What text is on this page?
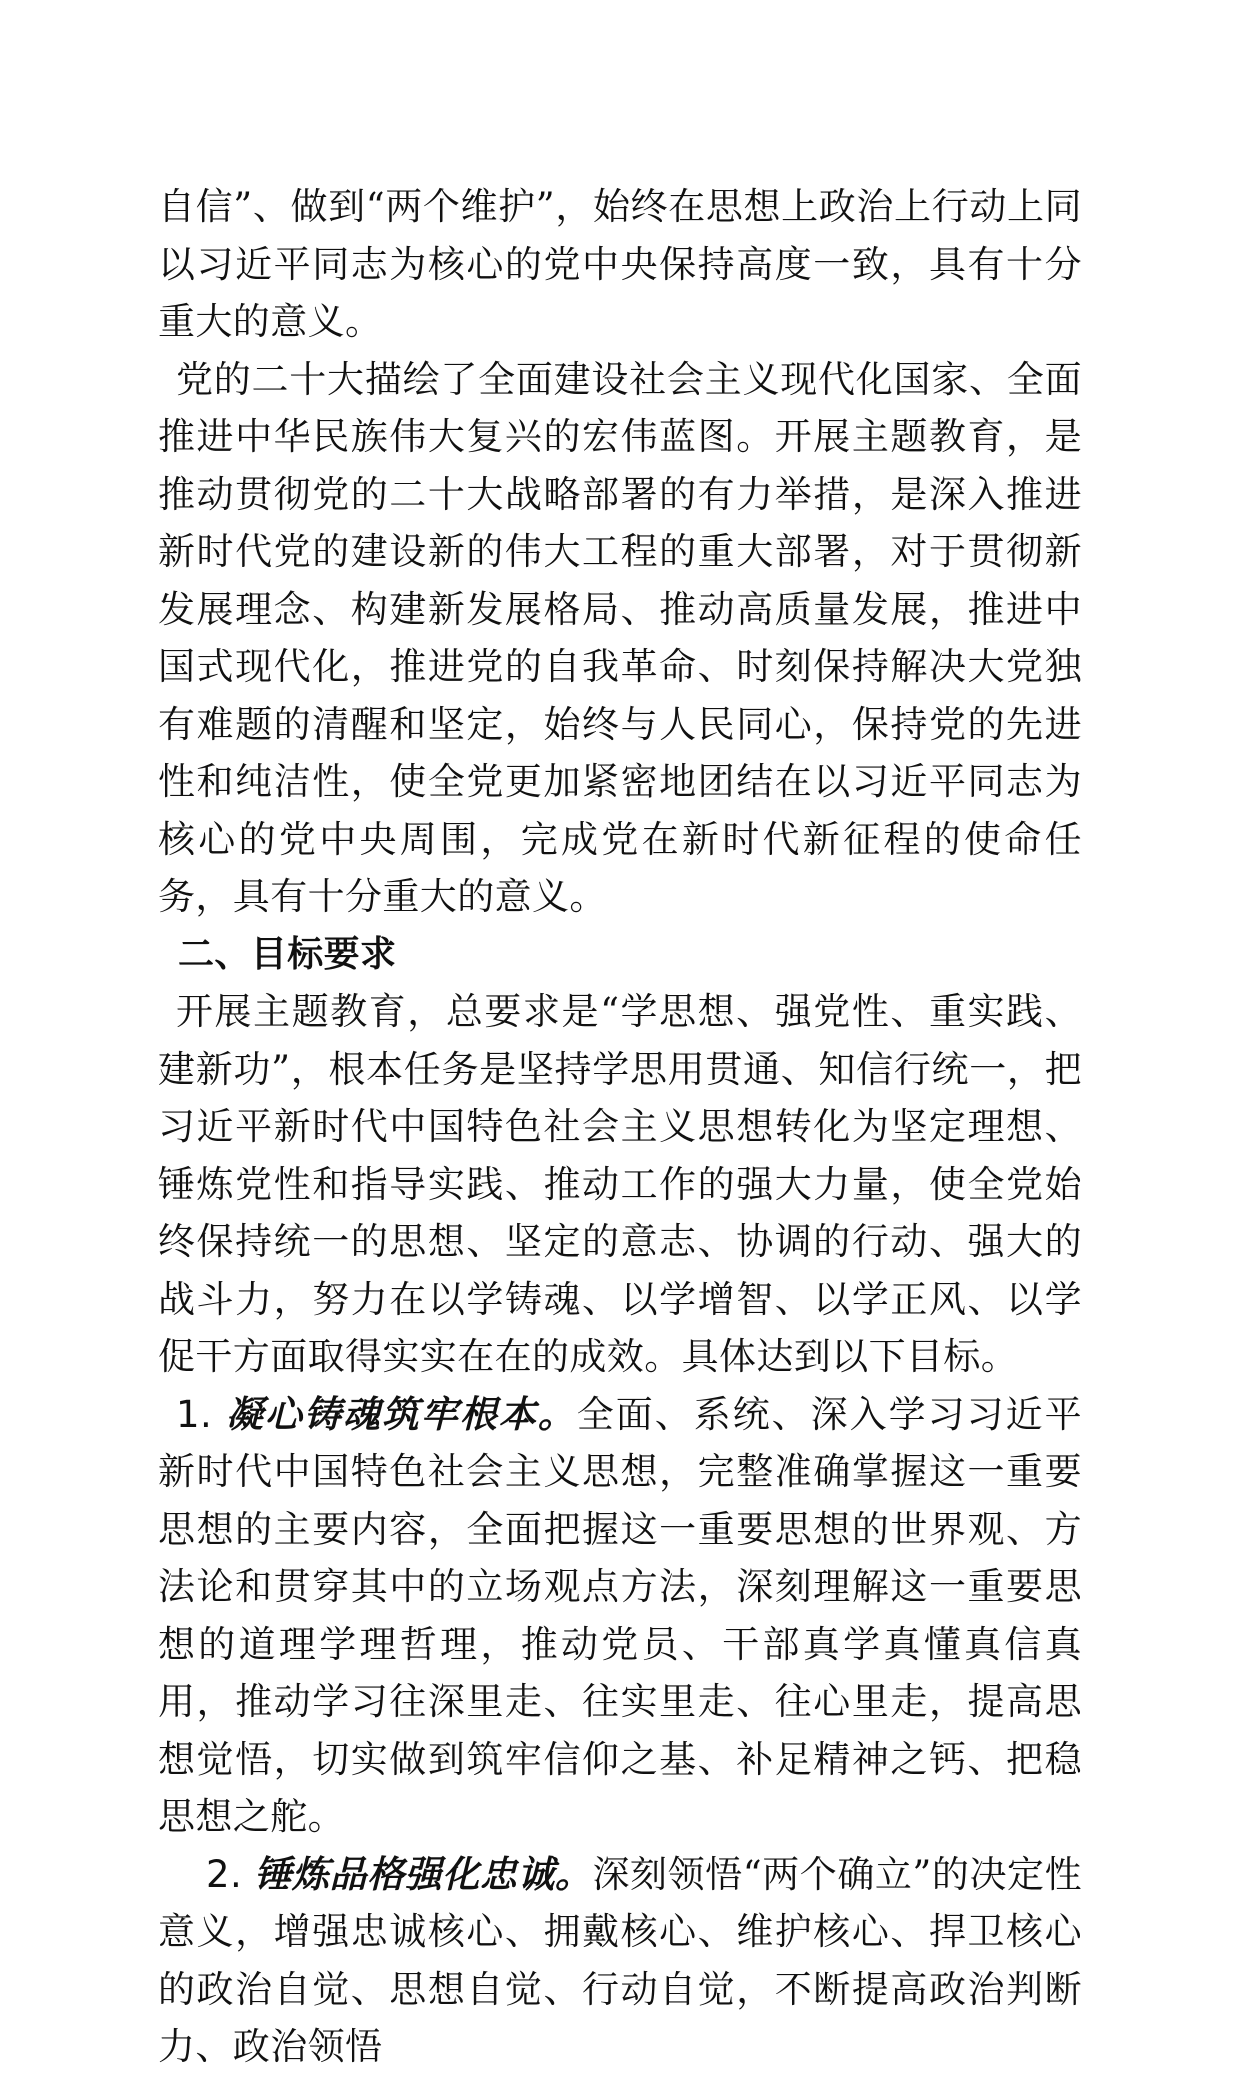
自信”、做到“两个维护”，始终在思想上政治上行动上同以习近平同志为核心的党中央保持高度一致，具有十分重大的意义。

党的二十大描绘了全面建设社会主义现代化国家、全面推进中华民族伟大复兴的宏伟蓝图。开展主题教育，是推动贯彻党的二十大战略部署的有力举措，是深入推进新时代党的建设新的伟大工程的重大部署，对于贯彻新发展理念、构建新发展格局、推动高质量发展，推进中国式现代化，推进党的自我革命、时刻保持解决大党独有难题的清醒和坚定，始终与人民同心，保持党的先进性和纯洁性，使全党更加紧密地团结在以习近平同志为核心的党中央周围，完成党在新时代新征程的使命任务，具有十分重大的意义。

二、目标要求

开展主题教育，总要求是“学思想、强党性、重实践、建新功”，根本任务是坚持学思用贯通、知信行统一，把习近平新时代中国特色社会主义思想转化为坚定理想、锤炼党性和指导实践、推动工作的强大力量，使全党始终保持统一的思想、坚定的意志、协调的行动、强大的战斗力，努力在以学铸魂、以学增智、以学正风、以学促干方面取得实实在在的成效。具体达到以下目标。

1. 凝心铸魂筑牢根本。全面、系统、深入学习习近平新时代中国特色社会主义思想，完整准确掌握这一重要思想的主要内容，全面把握这一重要思想的世界观、方法论和贯穿其中的立场观点方法，深刻理解这一重要思想的道理学理哲理，推动党员、干部真学真懂真信真用，推动学习往深里走、往实里走、往心里走，提高思想觉悟，切实做到筑牢信仰之基、补足精神之钙、把稳思想之舵。

2. 锤炼品格强化忠诚。深刻领悟“两个确立”的决定性意义，增强忠诚核心、拥戴核心、维护核心、捍卫核心的政治自觉、思想自觉、行动自觉，不断提高政治判断力、政治领悟
